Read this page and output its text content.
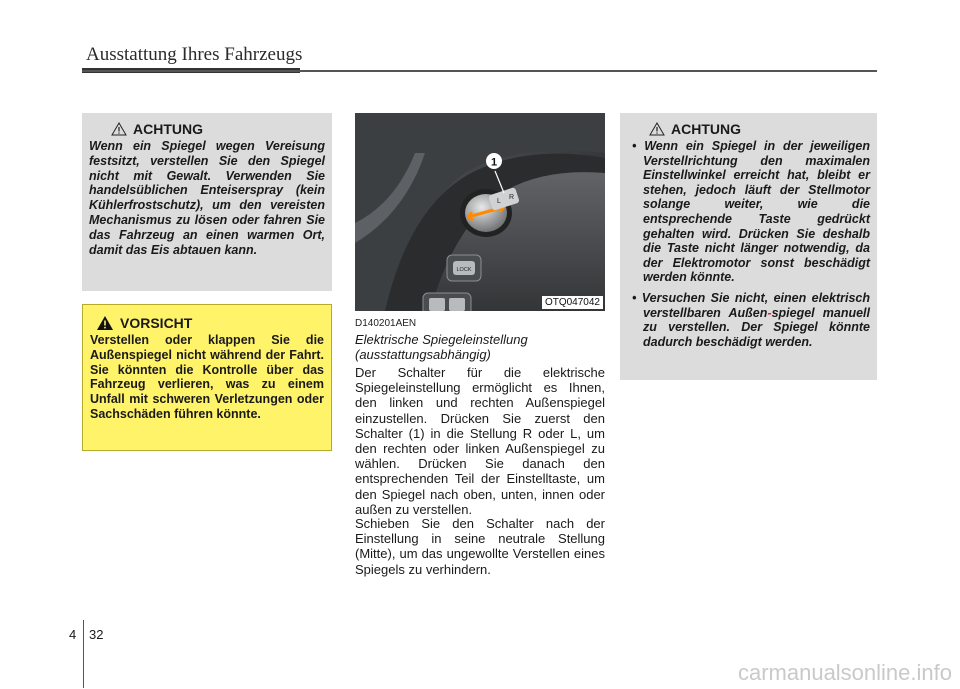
Ausstattung Ihres Fahrzeugs
ACHTUNG
Wenn ein Spiegel wegen Vereisung festsitzt, verstellen Sie den Spiegel nicht mit Gewalt. Verwenden Sie handelsüblichen Enteiserspray (kein Kühlerfrostschutz), um den vereisten Mechanismus zu lösen oder fahren Sie das Fahrzeug an einen warmen Ort, damit das Eis abtauen kann.
VORSICHT
Verstellen oder klappen Sie die Außenspiegel nicht während der Fahrt. Sie könnten die Kontrolle über das Fahrzeug verlieren, was zu einem Unfall mit schweren Verletzungen oder Sachschäden führen könnte.
L
R
1
LOCK
OTQ047042
D140201AEN
Elektrische Spiegeleinstellung
(ausstattungsabhängig)

Der Schalter für die elektrische Spiegeleinstellung ermöglicht es Ihnen, den linken und rechten Außenspiegel einzustellen. Drücken Sie zuerst den Schalter (1) in die Stellung R oder L, um den rechten oder linken Außenspiegel zu wählen. Drücken Sie danach den entsprechenden Teil der Einstelltaste, um den Spiegel nach oben, unten, innen oder außen zu verstellen.

Schieben Sie den Schalter nach der Einstellung in seine neutrale Stellung (Mitte), um das ungewollte Verstellen eines Spiegels zu verhindern.

ACHTUNG
• Wenn ein Spiegel in der jeweiligen Verstellrichtung den maximalen Einstellwinkel erreicht hat, bleibt er stehen, jedoch läuft der Stellmotor solange weiter, wie die entsprechende Taste gedrückt gehalten wird. Drücken Sie deshalb die Taste nicht länger notwendig, da der Elektromotor sonst beschädigt werden könnte.
• Versuchen Sie nicht, einen elektrisch verstellbaren Außen-spiegel manuell zu verstellen. Der Spiegel könnte dadurch beschädigt werden.
4 32
carmanualsonline.info
